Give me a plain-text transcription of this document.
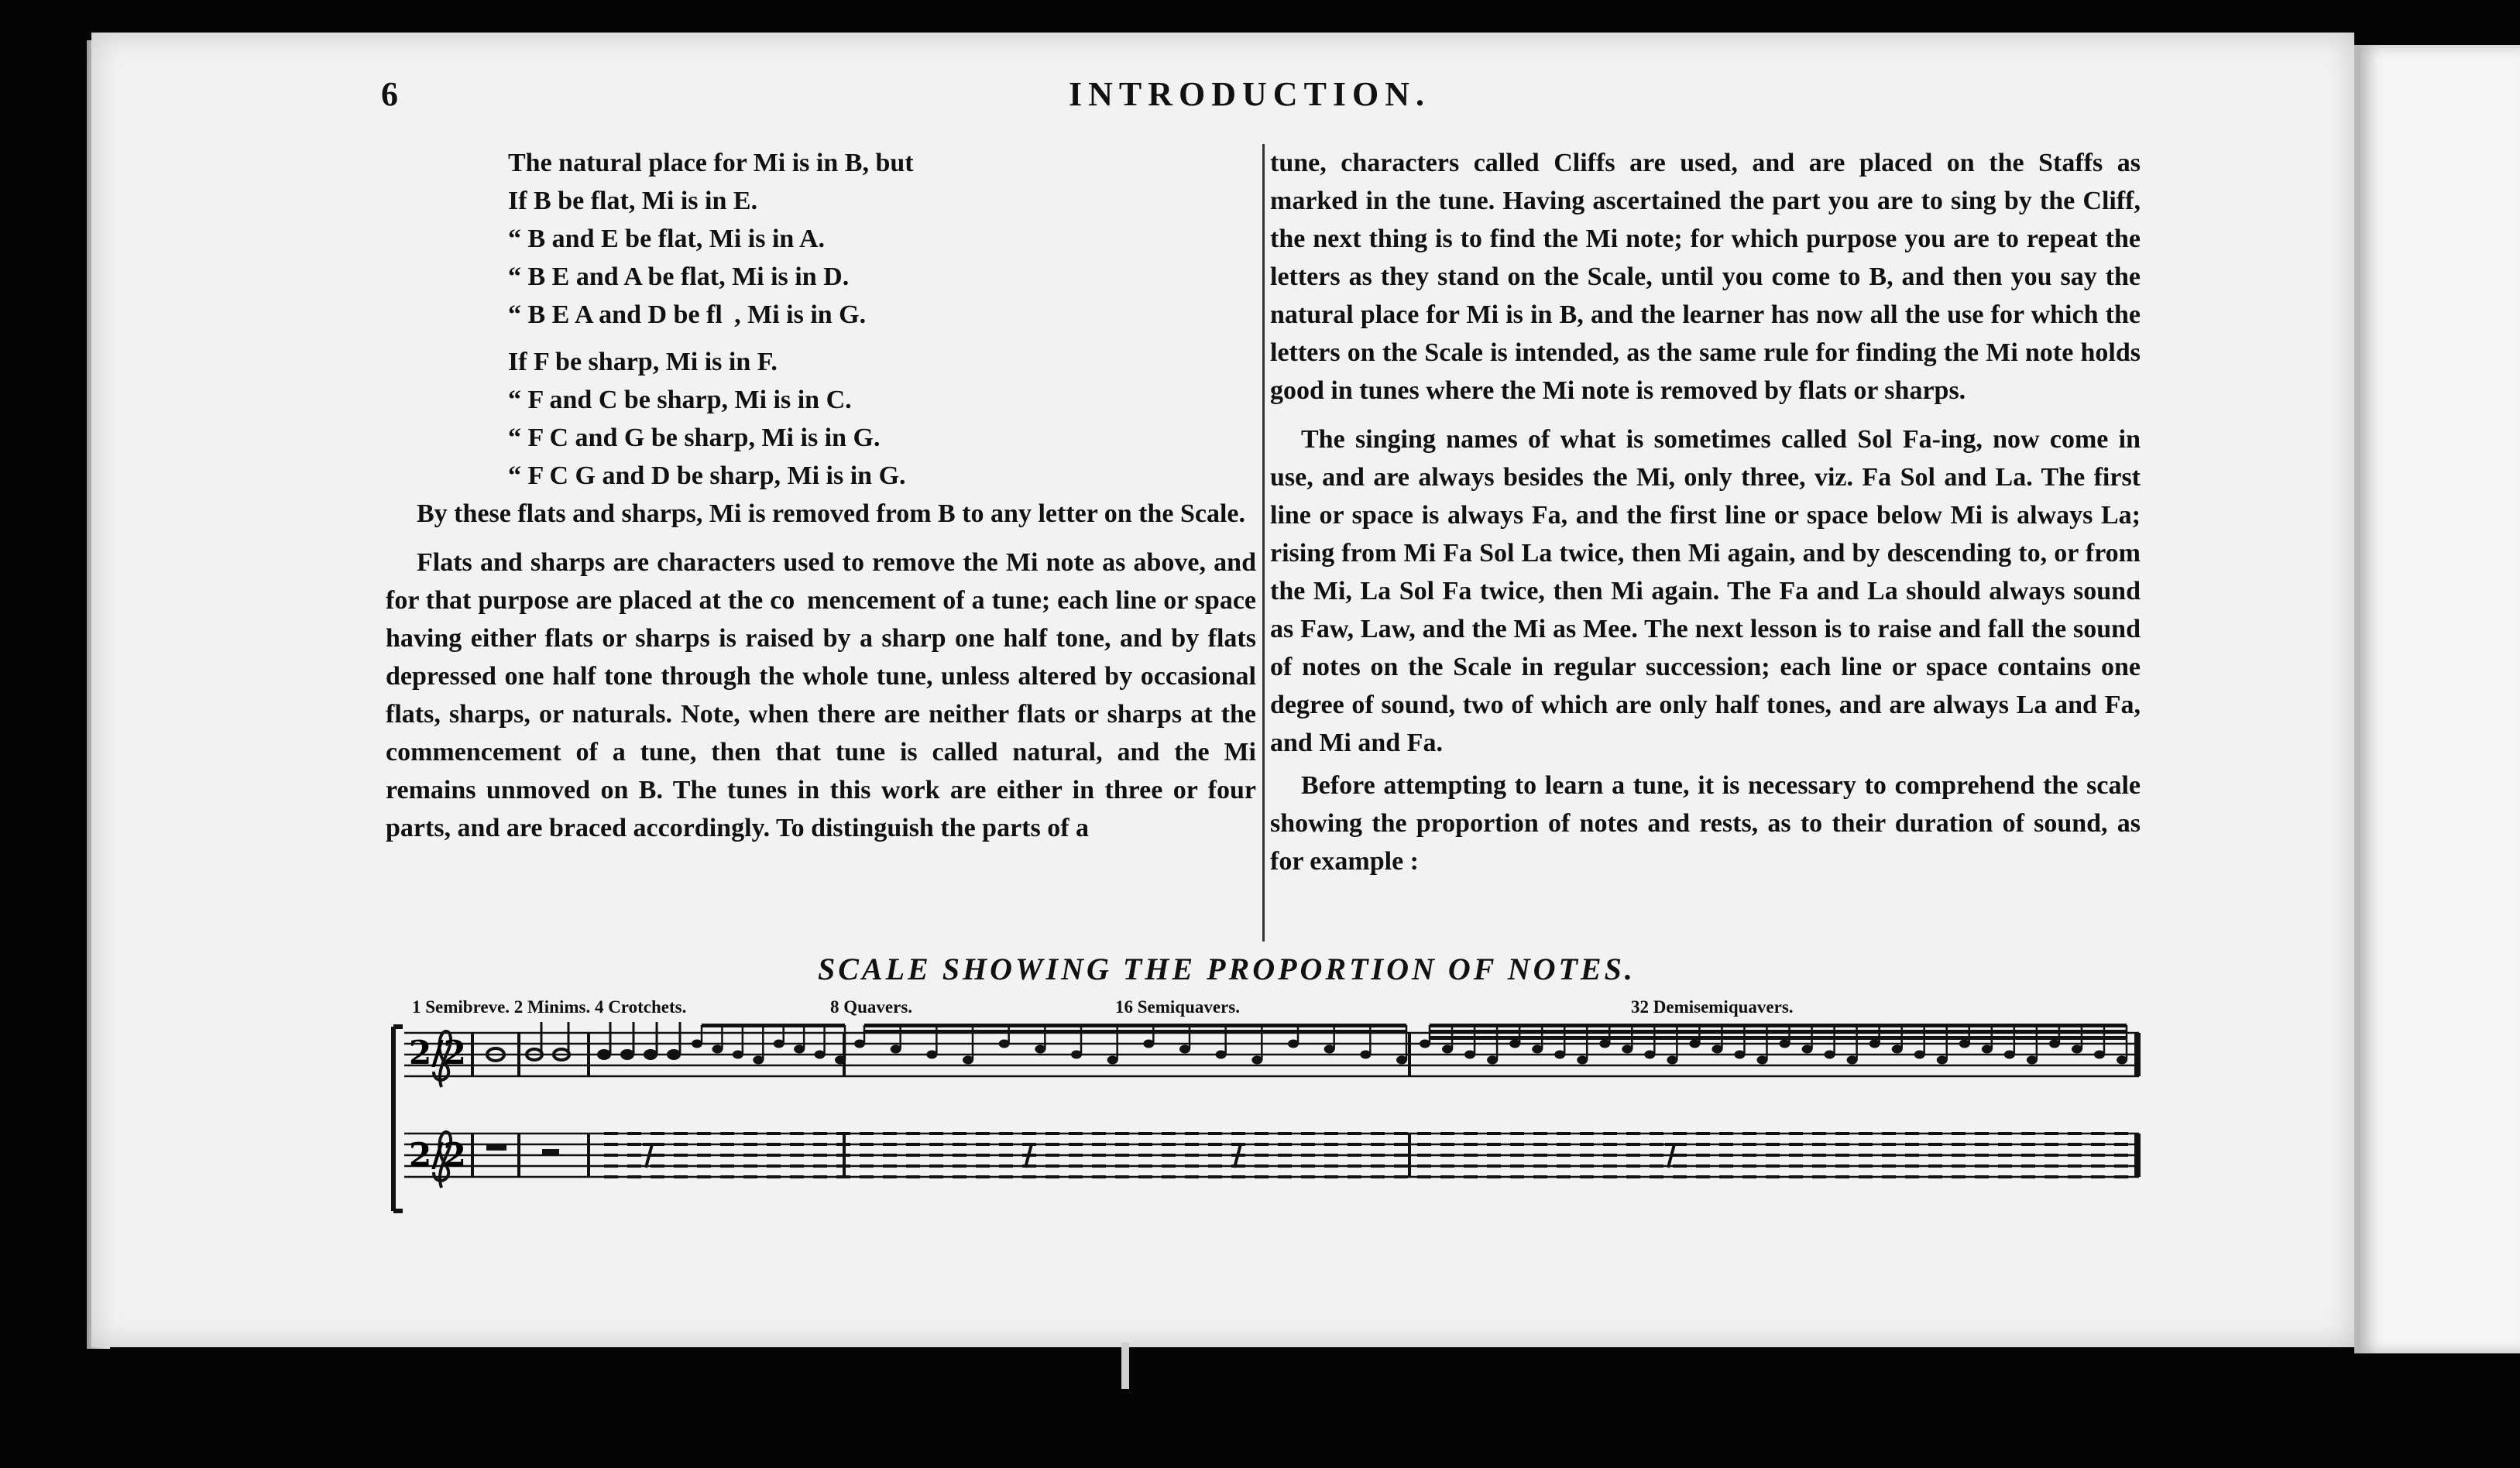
6	INTRODUCTION.

The natural place for Mi is in B, but

If B be flat, Mi is in E.

“ B and E be flat, Mi is in A.

“ B E and A be flat, Mi is in D.

“ B E A and D be fl  , Mi is in G.

If F be sharp, Mi is in F.

“ F and C be sharp, Mi is in C.

“ F C and G be sharp, Mi is in G.

“ F C G and D be sharp, Mi is in G.

By these flats and sharps, Mi is removed from B to any letter on the Scale.

Flats and sharps are characters used to remove the Mi note as above, and for that purpose are placed at the co  mencement of a tune; each line or space having either flats or sharps is raised by a sharp one half tone, and by flats depressed one half tone through the whole tune, unless altered by occasional flats, sharps, or naturals. Note, when there are neither flats or sharps at the commencement of a tune, then that tune is called natural, and the Mi remains unmoved on B. The tunes in this work are either in three or four parts, and are braced accordingly. To distinguish the parts of a

tune, characters called Cliffs are used, and are placed on the Staffs as marked in the tune. Having ascertained the part you are to sing by the Cliff, the next thing is to find the Mi note; for which purpose you are to repeat the letters as they stand on the Scale, until you come to B, and then you say the natural place for Mi is in B, and the learner has now all the use for which the letters on the Scale is intended, as the same rule for finding the Mi note holds good in tunes where the Mi note is removed by flats or sharps.

The singing names of what is sometimes called Sol Fa-ing, now come in use, and are always besides the Mi, only three, viz. Fa Sol and La. The first line or space is always Fa, and the first line or space below Mi is always La; rising from Mi Fa Sol La twice, then Mi again, and by descending to, or from the Mi, La Sol Fa twice, then Mi again. The Fa and La should always sound as Faw, Law, and the Mi as Mee. The next lesson is to raise and fall the sound of notes on the Scale in regular succession; each line or space contains one degree of sound, two of which are only half tones, and are always La and Fa, and Mi and Fa.

Before attempting to learn a tune, it is necessary to comprehend the scale showing the proportion of notes and rests, as to their duration of sound, as for example :

SCALE SHOWING THE PROPORTION OF NOTES.
1 Semibreve. 2 Minims. 4 Crotchets.	8 Quavers.	16 Semiquavers.	32 Demisemiquavers.
2/2
2/2
